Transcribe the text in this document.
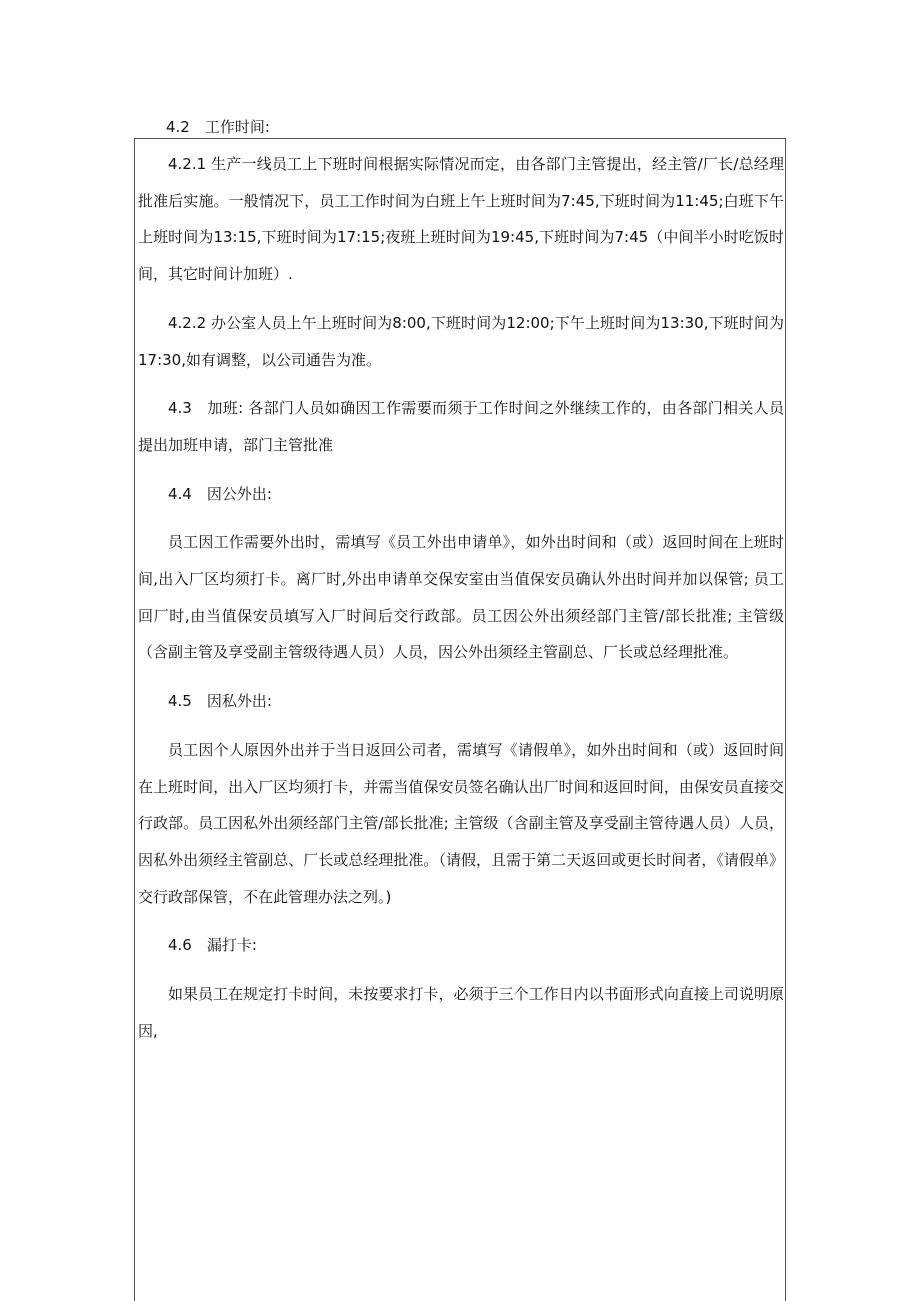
4.2　工作时间:

4.2.1 生产一线员工上下班时间根据实际情况而定，由各部门主管提出，经主管/厂长/总经理批准后实施。一般情况下，员工工作时间为白班上午上班时间为7:45,下班时间为11:45;白班下午上班时间为13:15,下班时间为17:15;夜班上班时间为19:45,下班时间为7:45（中间半小时吃饭时间，其它时间计加班）.

4.2.2 办公室人员上午上班时间为8:00,下班时间为12:00;下午上班时间为13:30,下班时间为17:30,如有调整，以公司通告为准。

4.3　加班: 各部门人员如确因工作需要而须于工作时间之外继续工作的，由各部门相关人员提出加班申请，部门主管批准

4.4　因公外出:

员工因工作需要外出时，需填写《员工外出申请单》，如外出时间和（或）返回时间在上班时间,出入厂区均须打卡。离厂时,外出申请单交保安室由当值保安员确认外出时间并加以保管; 员工回厂时,由当值保安员填写入厂时间后交行政部。员工因公外出须经部门主管/部长批准; 主管级（含副主管及享受副主管级待遇人员）人员，因公外出须经主管副总、厂长或总经理批准。

4.5　因私外出:

员工因个人原因外出并于当日返回公司者，需填写《请假单》，如外出时间和（或）返回时间在上班时间，出入厂区均须打卡，并需当值保安员签名确认出厂时间和返回时间，由保安员直接交行政部。员工因私外出须经部门主管/部长批准; 主管级（含副主管及享受副主管待遇人员）人员，因私外出须经主管副总、厂长或总经理批准。（请假，且需于第二天返回或更长时间者，《请假单》交行政部保管，不在此管理办法之列。)

4.6　漏打卡:

如果员工在规定打卡时间，未按要求打卡，必须于三个工作日内以书面形式向直接上司说明原因,
